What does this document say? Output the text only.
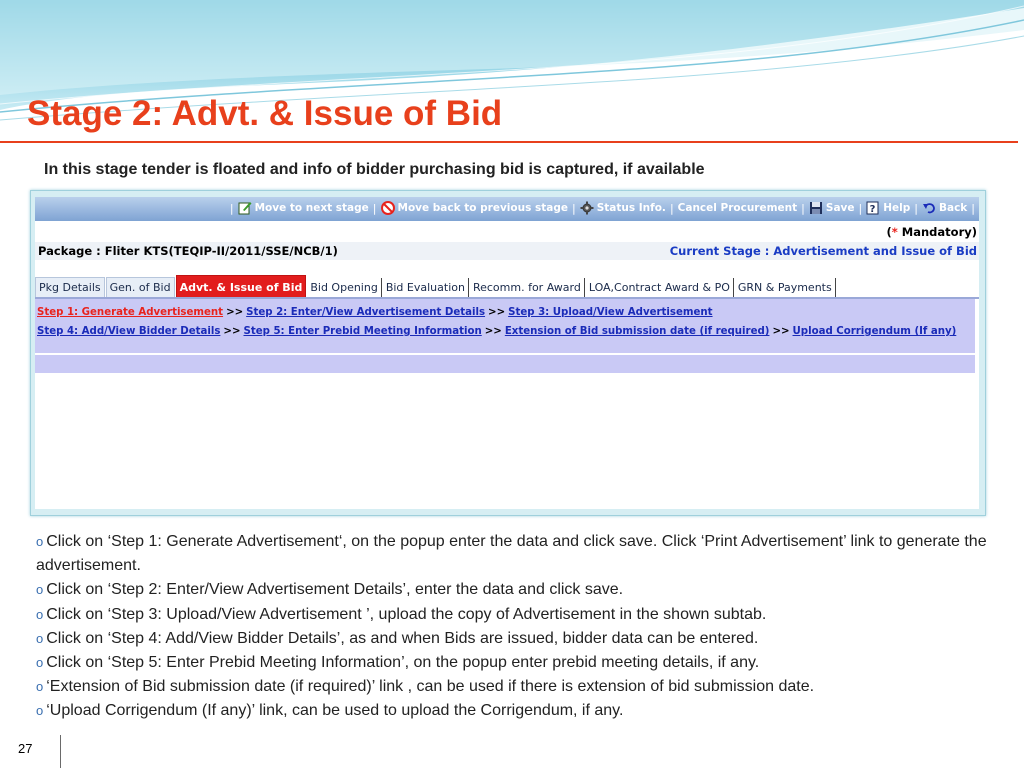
Stage 2: Advt. & Issue of Bid
In this stage tender is floated and info of bidder purchasing bid is captured, if available
| Move to next stage | Move back to previous stage | Status Info. | Cancel Procurement | Save | ? Help | Back |
(* Mandatory)
Package : Fliter KTS(TEQIP-II/2011/SSE/NCB/1)	Current Stage : Advertisement and Issue of Bid
Pkg Details Gen. of Bid Advt. & Issue of Bid Bid Opening Bid Evaluation Recomm. for Award LOA,Contract Award & PO GRN & Payments
Step 1: Generate Advertisement >> Step 2: Enter/View Advertisement Details >> Step 3: Upload/View Advertisement
Step 4: Add/View Bidder Details >> Step 5: Enter Prebid Meeting Information >> Extension of Bid submission date (if required) >> Upload Corrigendum (If any)

o Click on ‘Step 1: Generate Advertisement‘, on the popup enter the data and click save. Click ‘Print Advertisement’ link to generate the advertisement.

o Click on ‘Step 2: Enter/View Advertisement Details’, enter the data and click save.

o Click on ‘Step 3: Upload/View Advertisement ’, upload the copy of Advertisement in the shown subtab.

o Click on ‘Step 4: Add/View Bidder Details’, as and when Bids are issued, bidder data can be entered.

o Click on ‘Step 5: Enter Prebid Meeting Information’, on the popup enter prebid meeting details, if any.

o ‘Extension of Bid submission date (if required)’ link , can be used if there is extension of bid submission date.

o ‘Upload Corrigendum (If any)’ link, can be used to upload the Corrigendum, if any.

27
